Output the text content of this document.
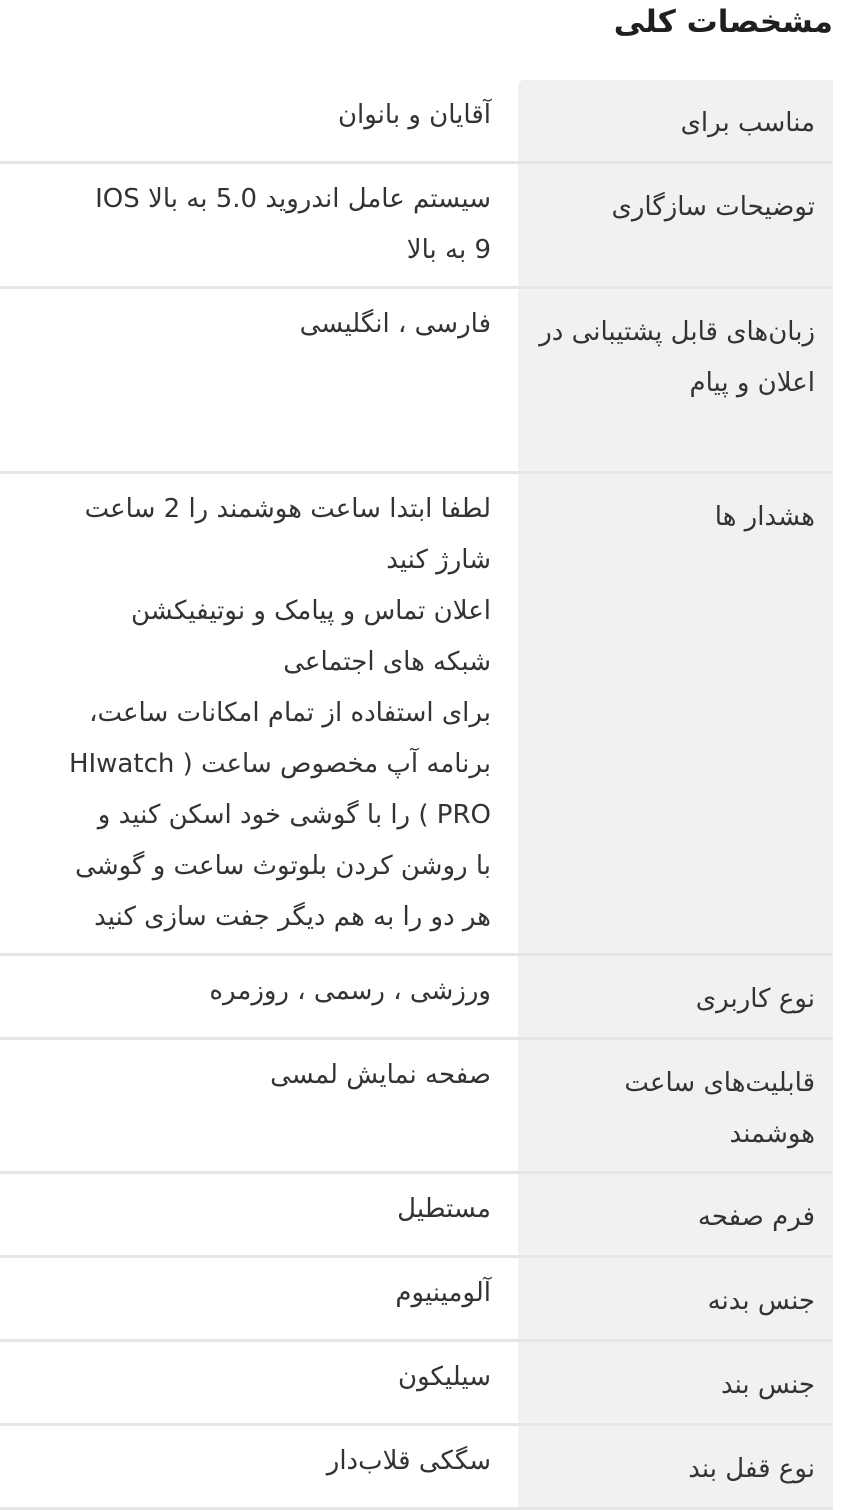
مشخصات کلی
مناسب برای
آقایان و بانوان
توضیحات سازگاری
سیستم عامل اندروید 5.0 به بالا IOS
9 به بالا
زبان‌های قابل پشتیبانی در اعلان و پیام
فارسی ، انگلیسی
هشدار ها
لطفا ابتدا ساعت هوشمند را 2 ساعت
شارژ کنید
اعلان تماس و پیامک و نوتیفیکشن
شبکه های اجتماعی
برای استفاده از تمام امکانات ساعت،
برنامه آپ مخصوص ساعت ( HIwatch
PRO ) را با گوشی خود اسکن کنید و
با روشن کردن بلوتوث ساعت و گوشی
هر دو را به هم دیگر جفت سازی کنید
نوع کاربری
ورزشی ، رسمی ، روزمره
قابلیت‌های ساعت هوشمند
صفحه نمایش لمسی
فرم صفحه
مستطیل
جنس بدنه
آلومینیوم
جنس بند
سیلیکون
نوع قفل بند
سگکی قلاب‌دار
